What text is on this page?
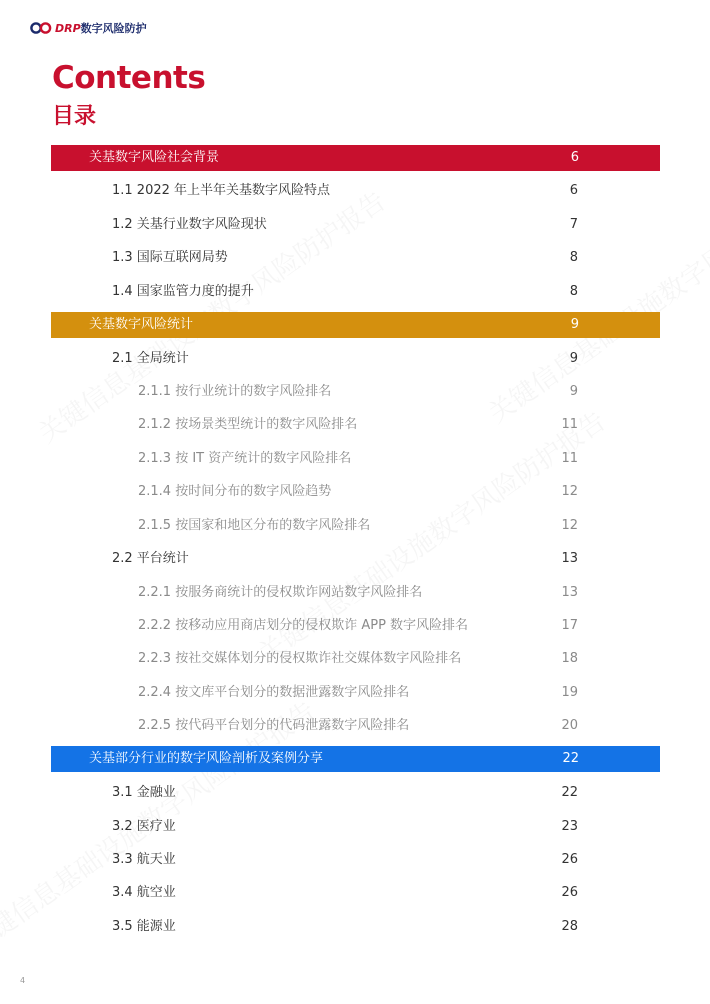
DRP数字风险防护
Contents
目录
关基数字风险社会背景	6
1.1 2022 年上半年关基数字风险特点	6
1.2 关基行业数字风险现状	7
1.3 国际互联网局势	8
1.4 国家监管力度的提升	8
关基数字风险统计	9
2.1 全局统计	9
2.1.1 按行业统计的数字风险排名	9
2.1.2 按场景类型统计的数字风险排名	11
2.1.3 按 IT 资产统计的数字风险排名	11
2.1.4 按时间分布的数字风险趋势	12
2.1.5 按国家和地区分布的数字风险排名	12
2.2 平台统计	13
2.2.1 按服务商统计的侵权欺诈网站数字风险排名	13
2.2.2 按移动应用商店划分的侵权欺诈 APP 数字风险排名	17
2.2.3 按社交媒体划分的侵权欺诈社交媒体数字风险排名	18
2.2.4 按文库平台划分的数据泄露数字风险排名	19
2.2.5 按代码平台划分的代码泄露数字风险排名	20
关基部分行业的数字风险剖析及案例分享	22
3.1 金融业	22
3.2 医疗业	23
3.3 航天业	26
3.4 航空业	26
3.5 能源业	28
4
